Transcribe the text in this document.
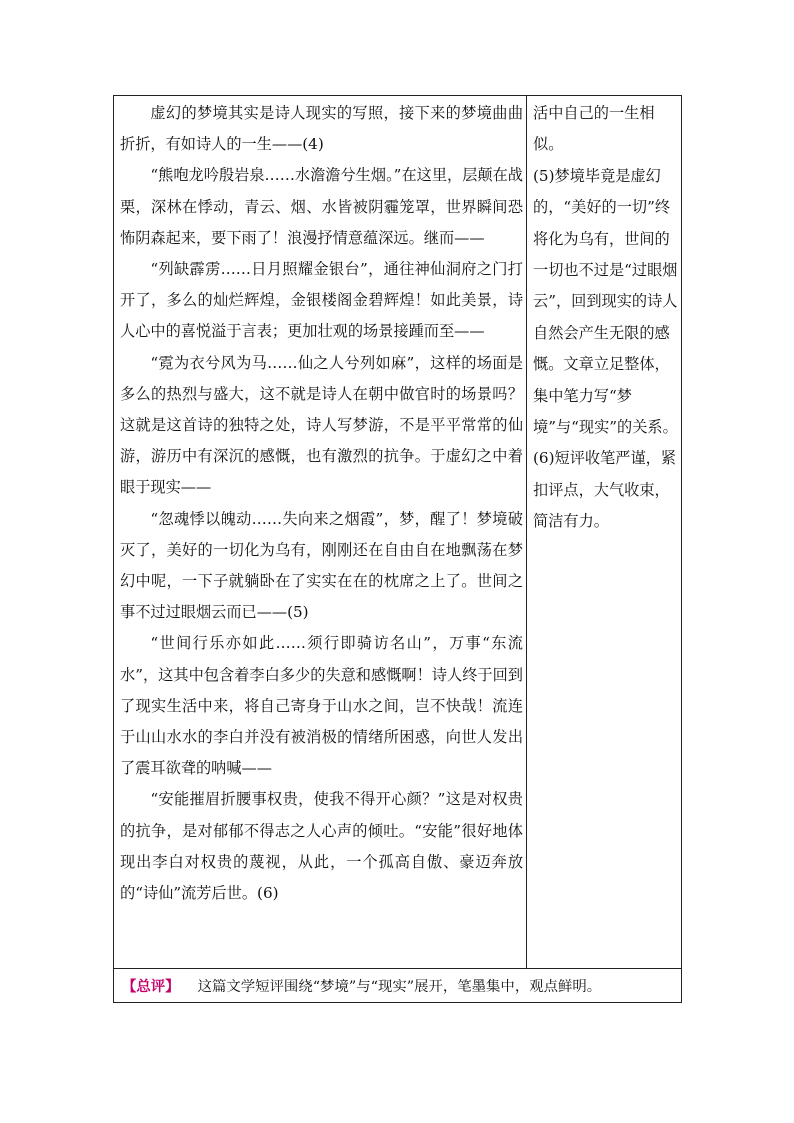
虚幻的梦境其实是诗人现实的写照，接下来的梦境曲曲折折，有如诗人的一生——(4)

“熊咆龙吟殷岩泉……水澹澹兮生烟。”在这里，层颠在战栗，深林在悸动，青云、烟、水皆被阴霾笼罩，世界瞬间恐怖阴森起来，要下雨了！浪漫抒情意蕴深远。继而——

“列缺霹雳……日月照耀金银台”，通往神仙洞府之门打开了，多么的灿烂辉煌，金银楼阁金碧辉煌！如此美景，诗人心中的喜悦溢于言表；更加壮观的场景接踵而至——

“霓为衣兮风为马……仙之人兮列如麻”，这样的场面是多么的热烈与盛大，这不就是诗人在朝中做官时的场景吗？这就是这首诗的独特之处，诗人写梦游，不是平平常常的仙游，游历中有深沉的感慨，也有激烈的抗争。于虚幻之中着眼于现实——

“忽魂悸以魄动……失向来之烟霞”，梦，醒了！梦境破灭了，美好的一切化为乌有，刚刚还在自由自在地飘荡在梦幻中呢，一下子就躺卧在了实实在在的枕席之上了。世间之事不过过眼烟云而已——(5)

“世间行乐亦如此……须行即骑访名山”，万事“东流水”，这其中包含着李白多少的失意和感慨啊！诗人终于回到了现实生活中来，将自己寄身于山水之间，岂不快哉！流连于山山水水的李白并没有被消极的情绪所困惑，向世人发出了震耳欲聋的呐喊——

“安能摧眉折腰事权贵，使我不得开心颜？”这是对权贵的抗争，是对郁郁不得志之人心声的倾吐。“安能”很好地体现出李白对权贵的蔑视，从此，一个孤高自傲、豪迈奔放的“诗仙”流芳后世。(6)

活中自己的一生相似。

(5)梦境毕竟是虚幻的，“美好的一切”终将化为乌有，世间的一切也不过是“过眼烟云”，回到现实的诗人自然会产生无限的感慨。文章立足整体，集中笔力写“梦境”与“现实”的关系。

(6)短评收笔严谨，紧扣评点，大气收束，简洁有力。

【总评】 这篇文学短评围绕“梦境”与“现实”展开，笔墨集中，观点鲜明。
